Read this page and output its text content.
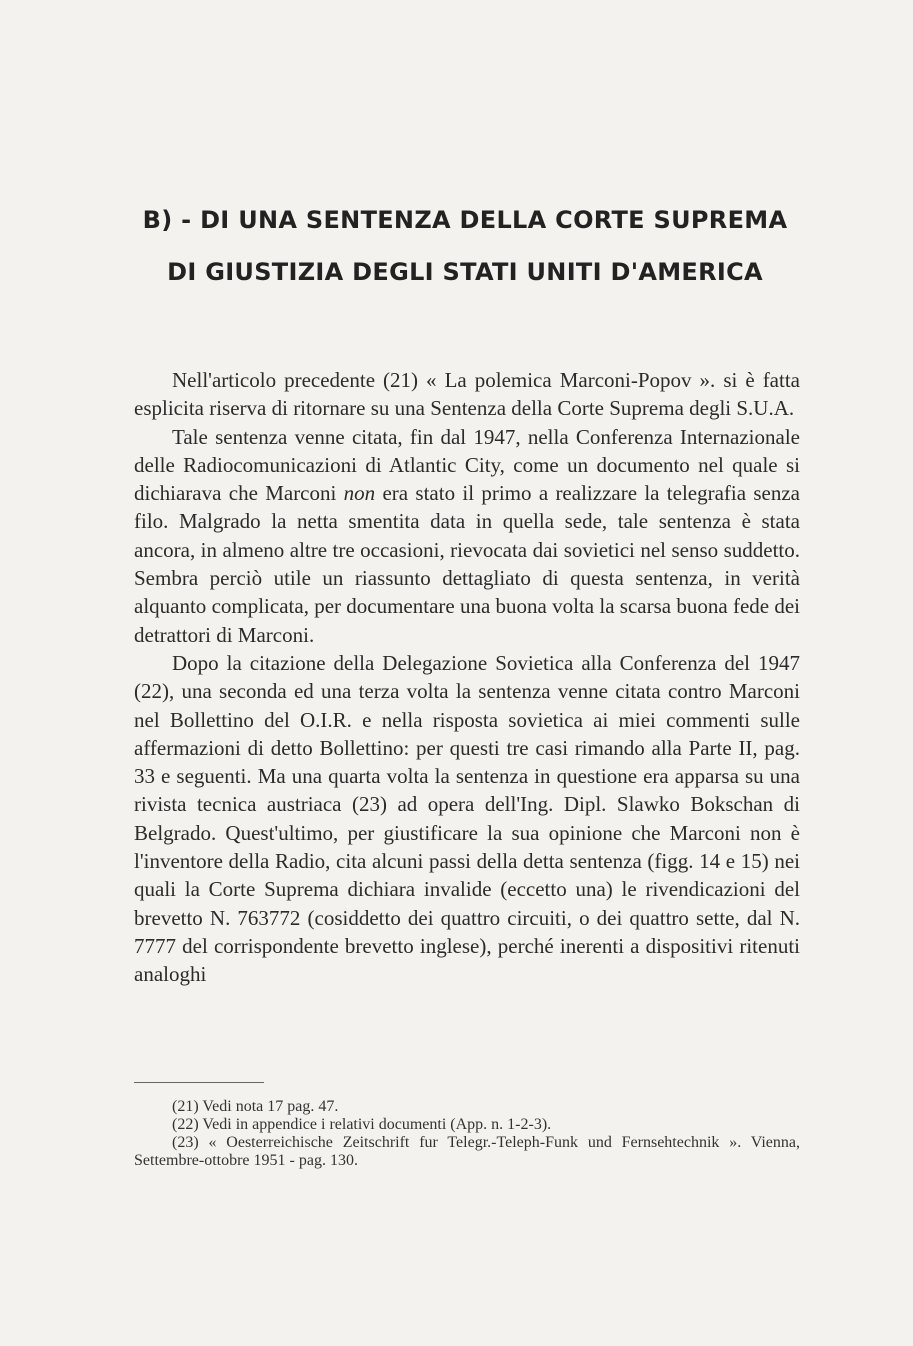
B) - DI UNA SENTENZA DELLA CORTE SUPREMA
DI GIUSTIZIA DEGLI STATI UNITI D'AMERICA

Nell'articolo precedente (21) « La polemica Marconi-Popov ». si è fatta esplicita riserva di ritornare su una Sentenza della Corte Suprema degli S.U.A.

Tale sentenza venne citata, fin dal 1947, nella Conferenza Internazionale delle Radiocomunicazioni di Atlantic City, come un documento nel quale si dichiarava che Marconi non era stato il primo a realizzare la telegrafia senza filo. Malgrado la netta smentita data in quella sede, tale sentenza è stata ancora, in almeno altre tre occasioni, rievocata dai sovietici nel senso suddetto. Sembra perciò utile un riassunto dettagliato di questa sentenza, in verità alquanto complicata, per documentare una buona volta la scarsa buona fede dei detrattori di Marconi.

Dopo la citazione della Delegazione Sovietica alla Conferenza del 1947 (22), una seconda ed una terza volta la sentenza venne citata contro Marconi nel Bollettino del O.I.R. e nella risposta sovietica ai miei commenti sulle affermazioni di detto Bollettino: per questi tre casi rimando alla Parte II, pag. 33 e seguenti. Ma una quarta volta la sentenza in questione era apparsa su una rivista tecnica austriaca (23) ad opera dell'Ing. Dipl. Slawko Bokschan di Belgrado. Quest'ultimo, per giustificare la sua opinione che Marconi non è l'inventore della Radio, cita alcuni passi della detta sentenza (figg. 14 e 15) nei quali la Corte Suprema dichiara invalide (eccetto una) le rivendicazioni del brevetto N. 763772 (cosiddetto dei quattro circuiti, o dei quattro sette, dal N. 7777 del corrispondente brevetto inglese), perché inerenti a dispositivi ritenuti analoghi

(21) Vedi nota 17 pag. 47.

(22) Vedi in appendice i relativi documenti (App. n. 1-2-3).

(23) « Oesterreichische Zeitschrift fur Telegr.-Teleph-Funk und Fernsehtechnik ». Vienna, Settembre-ottobre 1951 - pag. 130.
